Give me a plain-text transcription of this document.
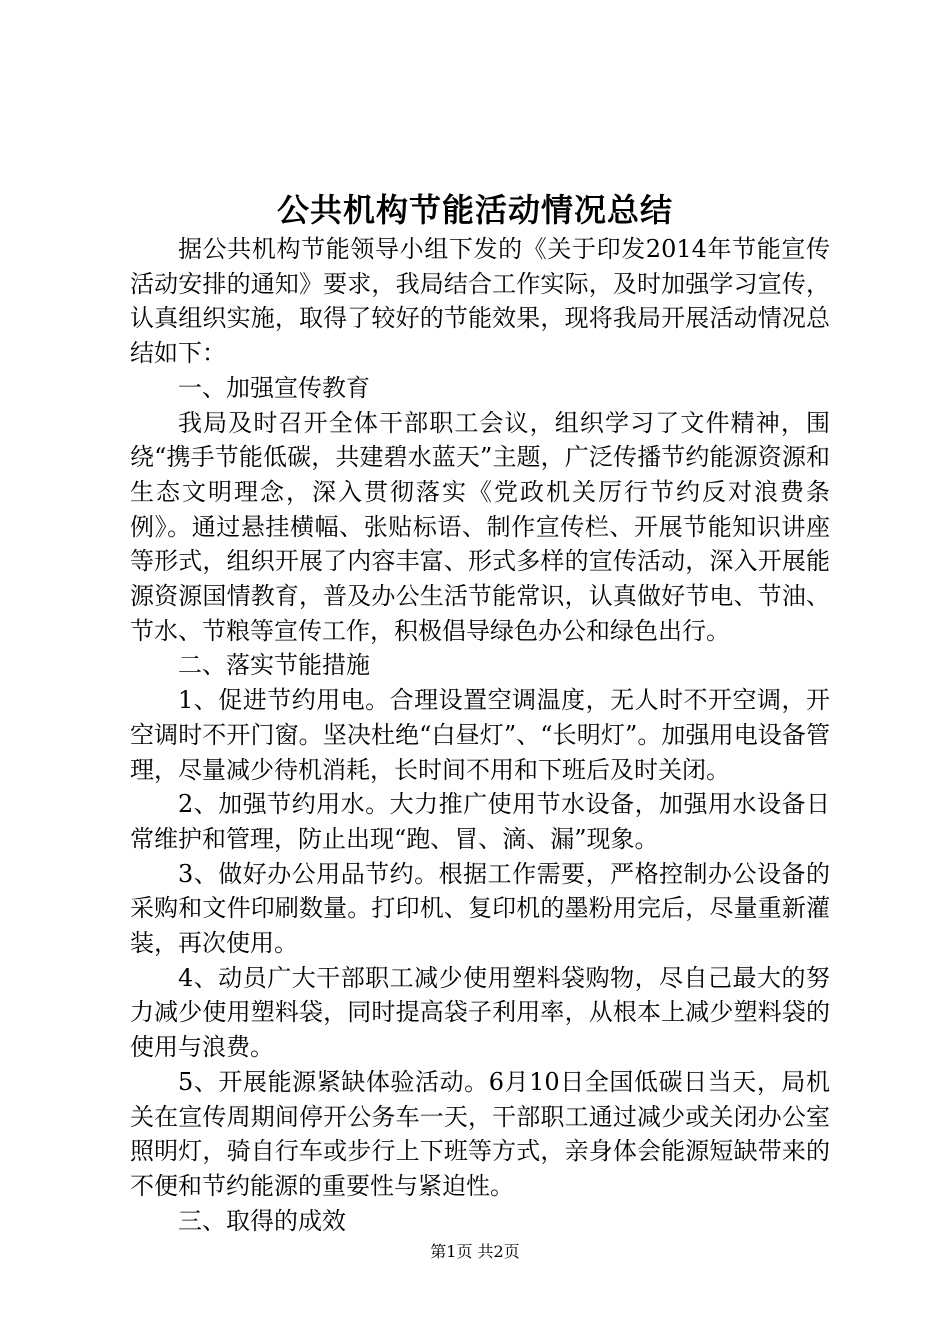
公共机构节能活动情况总结

据公共机构节能领导小组下发的《关于印发2014年节能宣传活动安排的通知》要求，我局结合工作实际，及时加强学习宣传，认真组织实施，取得了较好的节能效果，现将我局开展活动情况总结如下：

一、加强宣传教育

我局及时召开全体干部职工会议，组织学习了文件精神，围绕“携手节能低碳，共建碧水蓝天”主题，广泛传播节约能源资源和生态文明理念，深入贯彻落实《党政机关厉行节约反对浪费条例》。通过悬挂横幅、张贴标语、制作宣传栏、开展节能知识讲座等形式，组织开展了内容丰富、形式多样的宣传活动，深入开展能源资源国情教育，普及办公生活节能常识，认真做好节电、节油、节水、节粮等宣传工作，积极倡导绿色办公和绿色出行。

二、落实节能措施

1、促进节约用电。合理设置空调温度，无人时不开空调，开空调时不开门窗。坚决杜绝“白昼灯”、“长明灯”。加强用电设备管理，尽量减少待机消耗，长时间不用和下班后及时关闭。

2、加强节约用水。大力推广使用节水设备，加强用水设备日常维护和管理，防止出现“跑、冒、滴、漏”现象。

3、做好办公用品节约。根据工作需要，严格控制办公设备的采购和文件印刷数量。打印机、复印机的墨粉用完后，尽量重新灌装，再次使用。

4、动员广大干部职工减少使用塑料袋购物，尽自己最大的努力减少使用塑料袋，同时提高袋子利用率，从根本上减少塑料袋的使用与浪费。

5、开展能源紧缺体验活动。6月10日全国低碳日当天，局机关在宣传周期间停开公务车一天，干部职工通过减少或关闭办公室照明灯，骑自行车或步行上下班等方式，亲身体会能源短缺带来的不便和节约能源的重要性与紧迫性。

三、取得的成效

第1页 共2页
